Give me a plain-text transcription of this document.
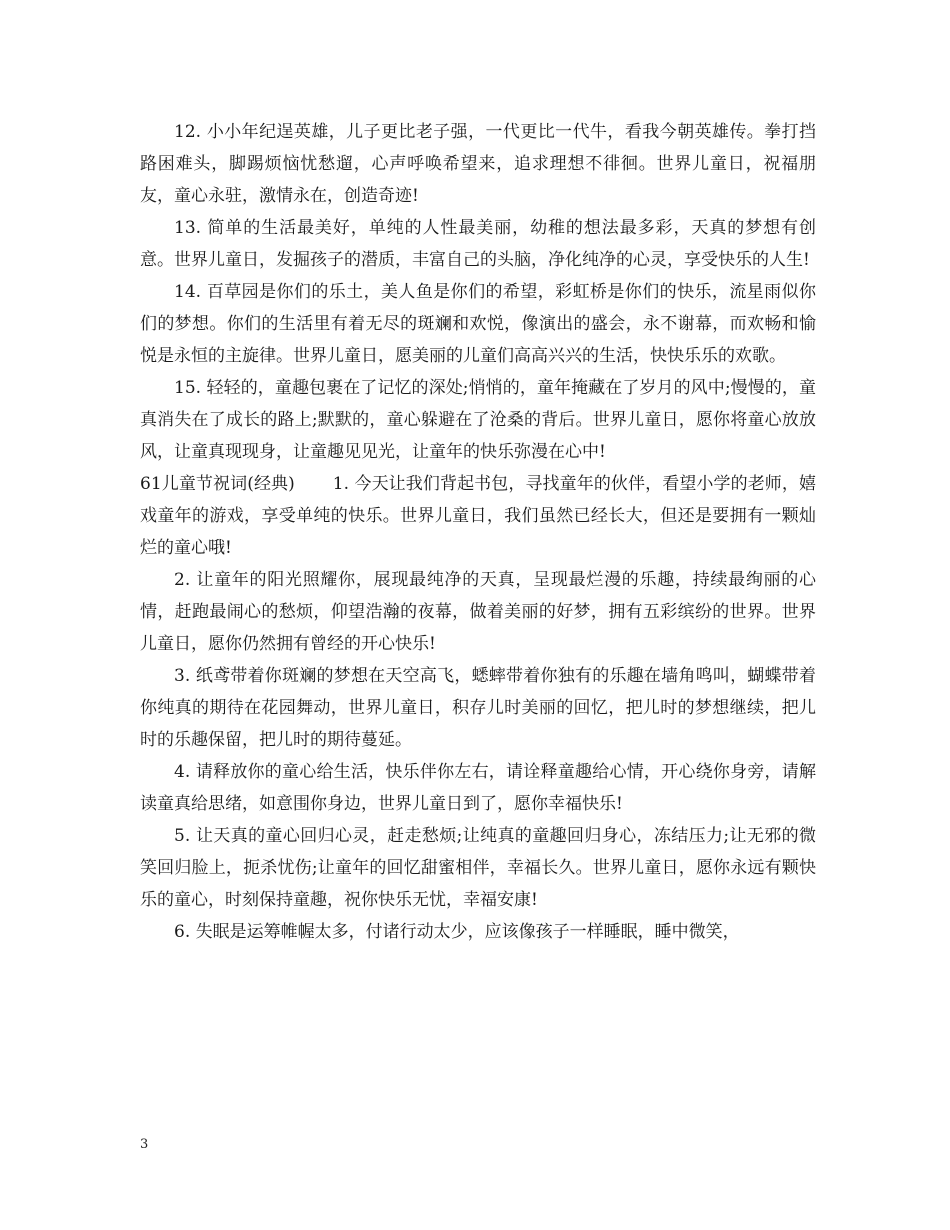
12. 小小年纪逞英雄，儿子更比老子强，一代更比一代牛，看我今朝英雄传。拳打挡路困难头，脚踢烦恼忧愁遛，心声呼唤希望来，追求理想不徘徊。世界儿童日，祝福朋友，童心永驻，激情永在，创造奇迹!

13. 简单的生活最美好，单纯的人性最美丽，幼稚的想法最多彩，天真的梦想有创意。世界儿童日，发掘孩子的潜质，丰富自己的头脑，净化纯净的心灵，享受快乐的人生!

14. 百草园是你们的乐土，美人鱼是你们的希望，彩虹桥是你们的快乐，流星雨似你们的梦想。你们的生活里有着无尽的斑斓和欢悦，像演出的盛会，永不谢幕，而欢畅和愉悦是永恒的主旋律。世界儿童日，愿美丽的儿童们高高兴兴的生活，快快乐乐的欢歌。

15. 轻轻的，童趣包裹在了记忆的深处;悄悄的，童年掩藏在了岁月的风中;慢慢的，童真消失在了成长的路上;默默的，童心躲避在了沧桑的背后。世界儿童日，愿你将童心放放风，让童真现现身，让童趣见见光，让童年的快乐弥漫在心中!

61儿童节祝词(经典) 1. 今天让我们背起书包，寻找童年的伙伴，看望小学的老师，嬉戏童年的游戏，享受单纯的快乐。世界儿童日，我们虽然已经长大，但还是要拥有一颗灿烂的童心哦!

2. 让童年的阳光照耀你，展现最纯净的天真，呈现最烂漫的乐趣，持续最绚丽的心情，赶跑最闹心的愁烦，仰望浩瀚的夜幕，做着美丽的好梦，拥有五彩缤纷的世界。世界儿童日，愿你仍然拥有曾经的开心快乐!

3. 纸鸢带着你斑斓的梦想在天空高飞，蟋蟀带着你独有的乐趣在墙角鸣叫，蝴蝶带着你纯真的期待在花园舞动，世界儿童日，积存儿时美丽的回忆，把儿时的梦想继续，把儿时的乐趣保留，把儿时的期待蔓延。

4. 请释放你的童心给生活，快乐伴你左右，请诠释童趣给心情，开心绕你身旁，请解读童真给思绪，如意围你身边，世界儿童日到了，愿你幸福快乐!

5. 让天真的童心回归心灵，赶走愁烦;让纯真的童趣回归身心，冻结压力;让无邪的微笑回归脸上，扼杀忧伤;让童年的回忆甜蜜相伴，幸福长久。世界儿童日，愿你永远有颗快乐的童心，时刻保持童趣，祝你快乐无忧，幸福安康!

6. 失眠是运筹帷幄太多，付诸行动太少，应该像孩子一样睡眠，睡中微笑，

3
